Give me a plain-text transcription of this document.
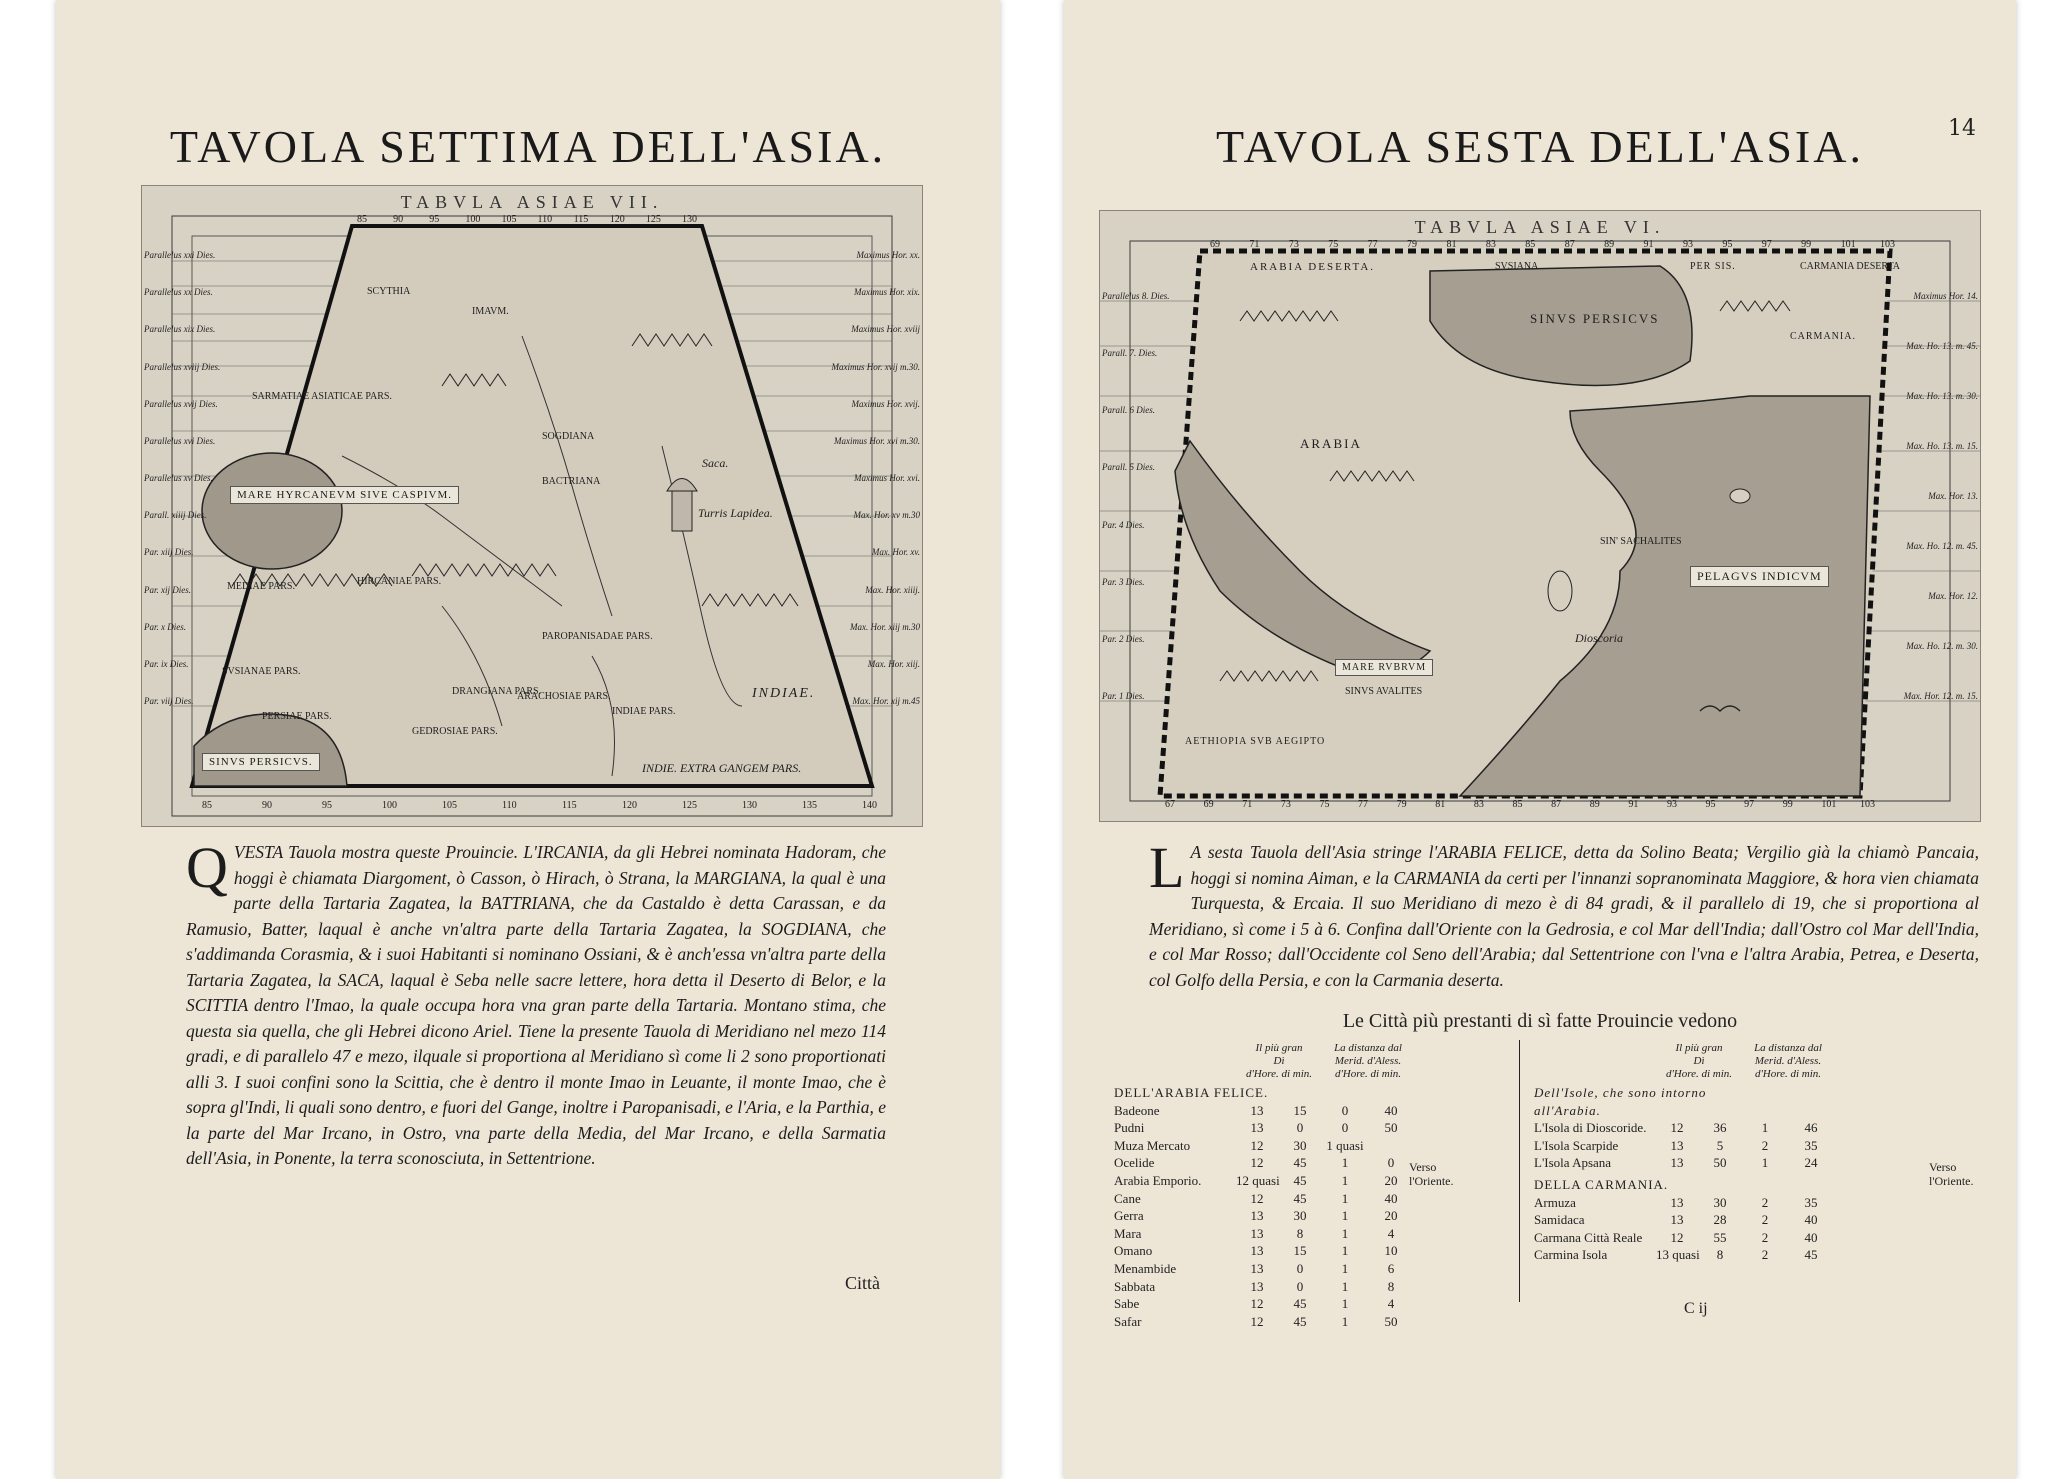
TAVOLA SETTIMA DELL'ASIA.
TABVLA ASIAE VII.
MARE HYRCANEVM SIVE CASPIVM.
SINVS PERSICVS.
Turris Lapidea.
Saca.
INDIAE.
INDIE. EXTRA GANGEM PARS.
SCYTHIA
IMAVM.
SOGDIANA
BACTRIANA
HIRCANIAE PARS.
SVSIANAE PARS.
PERSIAE PARS.
GEDROSIAE PARS.
DRANGIANA PARS.
PAROPANISADAE PARS.
ARACHOSIAE PARS.
INDIAE PARS.
SARMATIAE ASIATICAE PARS.
MEDIAE PARS.
85	90	95	100 105 110 115 120 125 130
85	90	95	100	105	110	115	120	125	130	135	140
Parallelus xxi Dies.
Parallelus xx Dies.
Parallelus xix Dies.
Parallelus xviij Dies.
Parallelus xvij Dies.
Parallelus xvi Dies.
Parallelus xv Dies.
Parall. xiiij Dies.
Par. xiij Dies.
Par. xij Dies.
Par. x Dies.
Par. ix Dies.
Par. viij Dies.
Maximus Hor. xx.
Maximus Hor. xix.
Maximus Hor. xviij
Maximus Hor. xvij m.30.
Maximus Hor. xvij.
Maximus Hor. xvi m.30.
Maximus Hor. xvi.
Max. Hor. xv m.30
Max. Hor. xv.
Max. Hor. xiiij.
Max. Hor. xiij m.30
Max. Hor. xiij.
Max. Hor. xij m.45
QVESTA Tauola mostra queste Prouincie. L'IRCANIA, da gli Hebrei nominata Hadoram, che hoggi è chiamata Diargoment, ò Casson, ò Hirach, ò Strana, la MARGIANA, la qual è una parte della Tartaria Zagatea, la BATTRIANA, che da Castaldo è detta Carassan, e da Ramusio, Batter, laqual è anche vn'altra parte della Tartaria Zagatea, la SOGDIANA, che s'addimanda Corasmia, & i suoi Habitanti si nominano Ossiani, & è anch'essa vn'altra parte della Tartaria Zagatea, la SACA, laqual è Seba nelle sacre lettere, hora detta il Deserto di Belor, e la SCITTIA dentro l'Imao, la quale occupa hora vna gran parte della Tartaria. Montano stima, che questa sia quella, che gli Hebrei dicono Ariel. Tiene la presente Tauola di Meridiano nel mezo 114 gradi, e di parallelo 47 e mezo, ilquale si proportiona al Meridiano sì come li 2 sono proportionati alli 3. I suoi confini sono la Scittia, che è dentro il monte Imao in Leuante, il monte Imao, che è sopra gl'Indi, li quali sono dentro, e fuori del Gange, inoltre i Paropanisadi, e l'Aria, e la Parthia, e la parte del Mar Ircano, in Ostro, vna parte della Media, del Mar Ircano, e della Sarmatia dell'Asia, in Ponente, la terra sconosciuta, in Settentrione.
Città
TAVOLA SESTA DELL'ASIA.	14
TABVLA ASIAE VI.
ARABIA DESERTA.
SINVS PERSICVS
PELAGVS INDICVM
MARE RVBRVM
AETHIOPIA SVB AEGIPTO
CARMANIA.
PER SIS.
SIN' SACHALITES
ARABIA
SINVS AVALITES
Dioscoria
SVSIANA	CARMANIA DESERTA
69	71	73	75	77	79	81	83	85	87	89	91	93	95	97	99	101 103
67	69	71	73	75	77	79	81	83	85	87	89	91	93	95	97	99	101 103
Parallelus 8. Dies.
Parall. 7. Dies.
Parall. 6 Dies.
Parall. 5 Dies.
Par. 4 Dies.
Par. 3 Dies.
Par. 2 Dies.
Par. 1 Dies.
Maximus Hor. 14.
Max. Ho. 13. m. 45.
Max. Ho. 13. m. 30.
Max. Ho. 13. m. 15.
Max. Hor. 13.
Max. Ho. 12. m. 45.
Max. Hor. 12.
Max. Ho. 12. m. 30.
Max. Hor. 12. m. 15.
L A sesta Tauola dell'Asia stringe l'ARABIA FELICE, detta da Solino Beata; Vergilio già la chiamò Pancaia, hoggi si nomina Aiman, e la CARMANIA da certi per l'innanzi sopranominata Maggiore, & hora vien chiamata Turquesta, & Ercaia. Il suo Meridiano di mezo è di 84 gradi, & il parallelo di 19, che si proportiona al Meridiano, sì come i 5 à 6. Confina dall'Oriente con la Gedrosia, e col Mar dell'India; dall'Ostro col Mar dell'India, e col Mar Rosso; dall'Occidente col Seno dell'Arabia; dal Settentrione con l'vna e l'altra Arabia, Petrea, e Deserta, col Golfo della Persia, e con la Carmania deserta.
Le Città più prestanti di sì fatte Prouincie vedono
Il più gran
Dì
d'Hore. di min.
La distanza dal Merid. d'Aless.
d'Hore. di min.
DELL'ARABIA FELICE.
Badeone	13	15	0	40
Pudni	13	0	0	50
Muza Mercato	12	30	1 quasi
Ocelide	12	45	1	0
Arabia Emporio.	12 quasi	45	1	20
Cane	12	45	1	40
Gerra	13	30	1	20
Mara	13	8	1	4
Omano	13	15	1	10
Menambide	13	0	1	6
Sabbata	13	0	1	8
Sabe	12	45	1	4
Safar	12	45	1	50
Verso l'Oriente.
Il più gran
Dì
d'Hore. di min.
La distanza dal Merid. d'Aless.
d'Hore. di min.
Dell'Isole, che sono intorno all'Arabia.
L'Isola di Dioscoride.	12	36	1	46
L'Isola Scarpide	13	5	2	35
L'Isola Apsana	13	50	1	24
DELLA CARMANIA.
Armuza	13	30	2	35
Samidaca	13	28	2	40
Carmana Città Reale	12	55	2	40
Carmina Isola	13 quasi	8	2	45
Verso l'Oriente.
C ij
